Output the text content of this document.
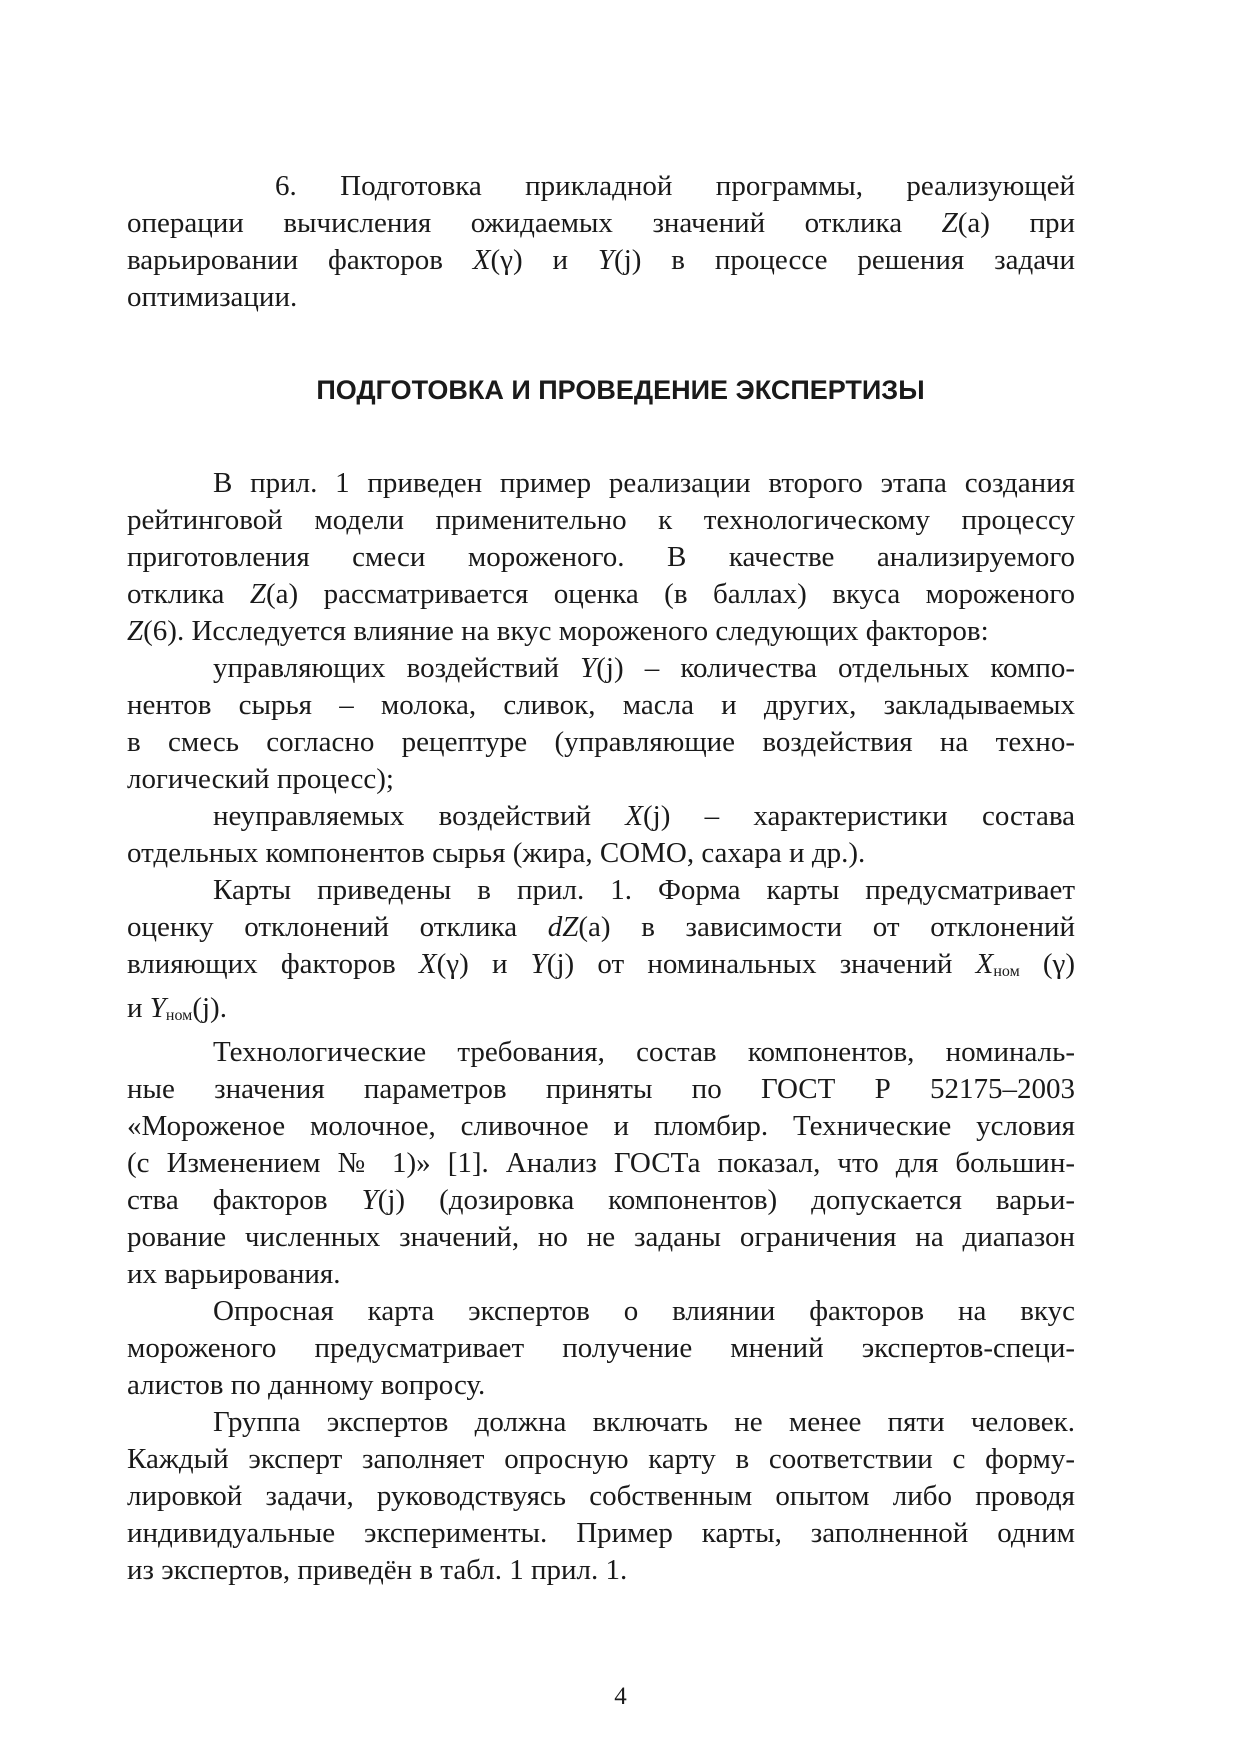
6. Подготовка прикладной программы, реализующей

операции вычисления ожидаемых значений отклика Z(a) при

варьировании факторов X(γ) и Y(j) в процессе решения задачи

оптимизации.

ПОДГОТОВКА И ПРОВЕДЕНИЕ ЭКСПЕРТИЗЫ

В прил. 1 приведен пример реализации второго этапа создания

рейтинговой модели применительно к технологическому процессу

приготовления смеси мороженого. В качестве анализируемого

отклика Z(a) рассматривается оценка (в баллах) вкуса мороженого

Z(6). Исследуется влияние на вкус мороженого следующих факторов:

управляющих воздействий Y(j) – количества отдельных компо-

нентов сырья – молока, сливок, масла и других, закладываемых

в смесь согласно рецептуре (управляющие воздействия на техно-

логический процесс);

неуправляемых воздействий X(j) – характеристики состава

отдельных компонентов сырья (жира, СОМО, сахара и др.).

Карты приведены в прил. 1. Форма карты предусматривает

оценку отклонений отклика dZ(a) в зависимости от отклонений

влияющих факторов X(γ) и Y(j) от номинальных значений Xном (γ)

и Yном(j).

Технологические требования, состав компонентов, номиналь-

ные значения параметров приняты по ГОСТ Р 52175–2003

«Мороженое молочное, сливочное и пломбир. Технические условия

(с Изменением № 1)» [1]. Анализ ГОСТа показал, что для большин-

ства факторов Y(j) (дозировка компонентов) допускается варьи-

рование численных значений, но не заданы ограничения на диапазон

их варьирования.

Опросная карта экспертов о влиянии факторов на вкус

мороженого предусматривает получение мнений экспертов-специ-

алистов по данному вопросу.

Группа экспертов должна включать не менее пяти человек.

Каждый эксперт заполняет опросную карту в соответствии с форму-

лировкой задачи, руководствуясь собственным опытом либо проводя

индивидуальные эксперименты. Пример карты, заполненной одним

из экспертов, приведён в табл. 1 прил. 1.

4
